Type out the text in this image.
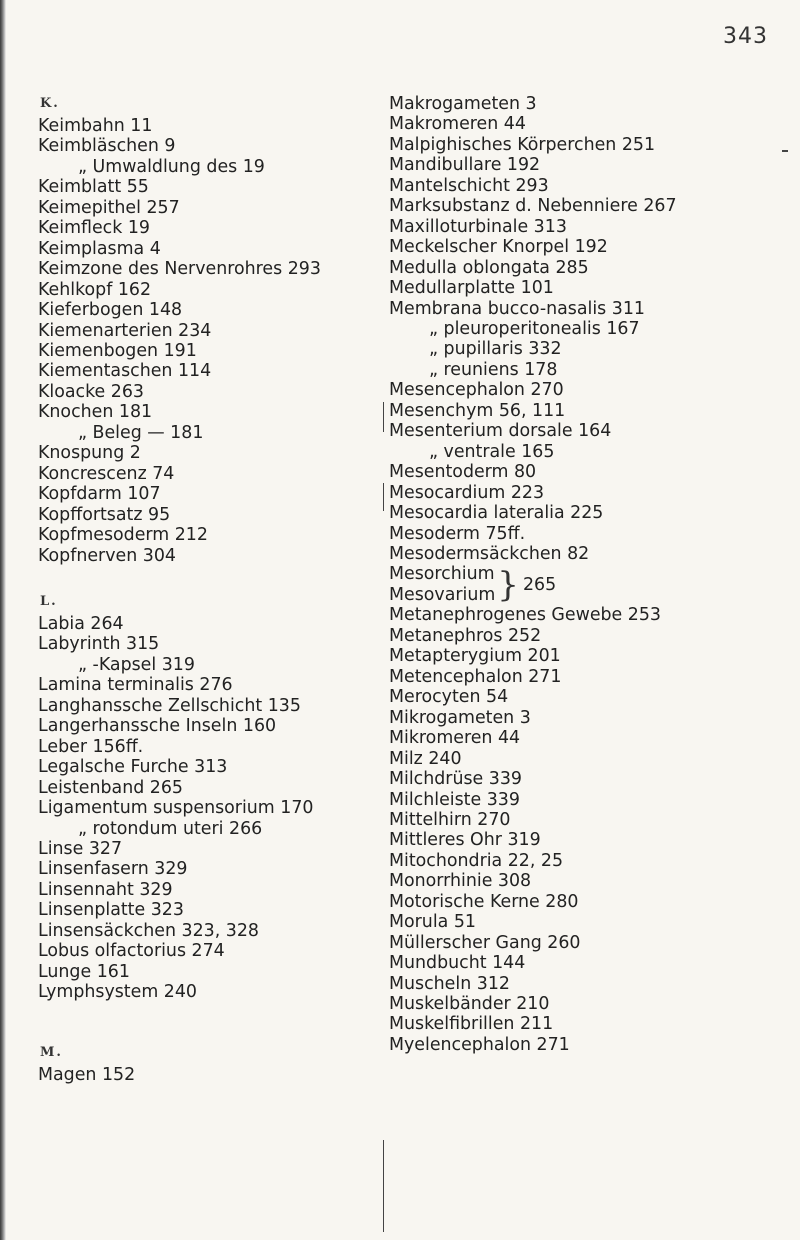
343
K.
Keimbahn 11
Keimbläschen 9
„ Umwaldlung des 19
Keimblatt 55
Keimepithel 257
Keimfleck 19
Keimplasma 4
Keimzone des Nervenrohres 293
Kehlkopf 162
Kieferbogen 148
Kiemenarterien 234
Kiemenbogen 191
Kiementaschen 114
Kloacke 263
Knochen 181
„ Beleg — 181
Knospung 2
Koncrescenz 74
Kopfdarm 107
Kopffortsatz 95
Kopfmesoderm 212
Kopfnerven 304
L.
Labia 264
Labyrinth 315
„ -Kapsel 319
Lamina terminalis 276
Langhanssche Zellschicht 135
Langerhanssche Inseln 160
Leber 156ff.
Legalsche Furche 313
Leistenband 265
Ligamentum suspensorium 170
„ rotondum uteri 266
Linse 327
Linsenfasern 329
Linsennaht 329
Linsenplatte 323
Linsensäckchen 323, 328
Lobus olfactorius 274
Lunge 161
Lymphsystem 240
M.
Magen 152
Makrogameten 3
Makromeren 44
Malpighisches Körperchen 251
Mandibullare 192
Mantelschicht 293
Marksubstanz d. Nebenniere 267
Maxilloturbinale 313
Meckelscher Knorpel 192
Medulla oblongata 285
Medullarplatte 101
Membrana bucco-nasalis 311
„ pleuroperitonealis 167
„ pupillaris 332
„ reuniens 178
Mesencephalon 270
Mesenchym 56, 111
Mesenterium dorsale 164
„ ventrale 165
Mesentoderm 80
Mesocardium 223
Mesocardia lateralia 225
Mesoderm 75ff.
Mesodermsäckchen 82
Mesorchium
Mesovarium } 265
Metanephrogenes Gewebe 253
Metanephros 252
Metapterygium 201
Metencephalon 271
Merocyten 54
Mikrogameten 3
Mikromeren 44
Milz 240
Milchdrüse 339
Milchleiste 339
Mittelhirn 270
Mittleres Ohr 319
Mitochondria 22, 25
Monorrhinie 308
Motorische Kerne 280
Morula 51
Müllerscher Gang 260
Mundbucht 144
Muscheln 312
Muskelbänder 210
Muskelfibrillen 211
Myelencephalon 271
